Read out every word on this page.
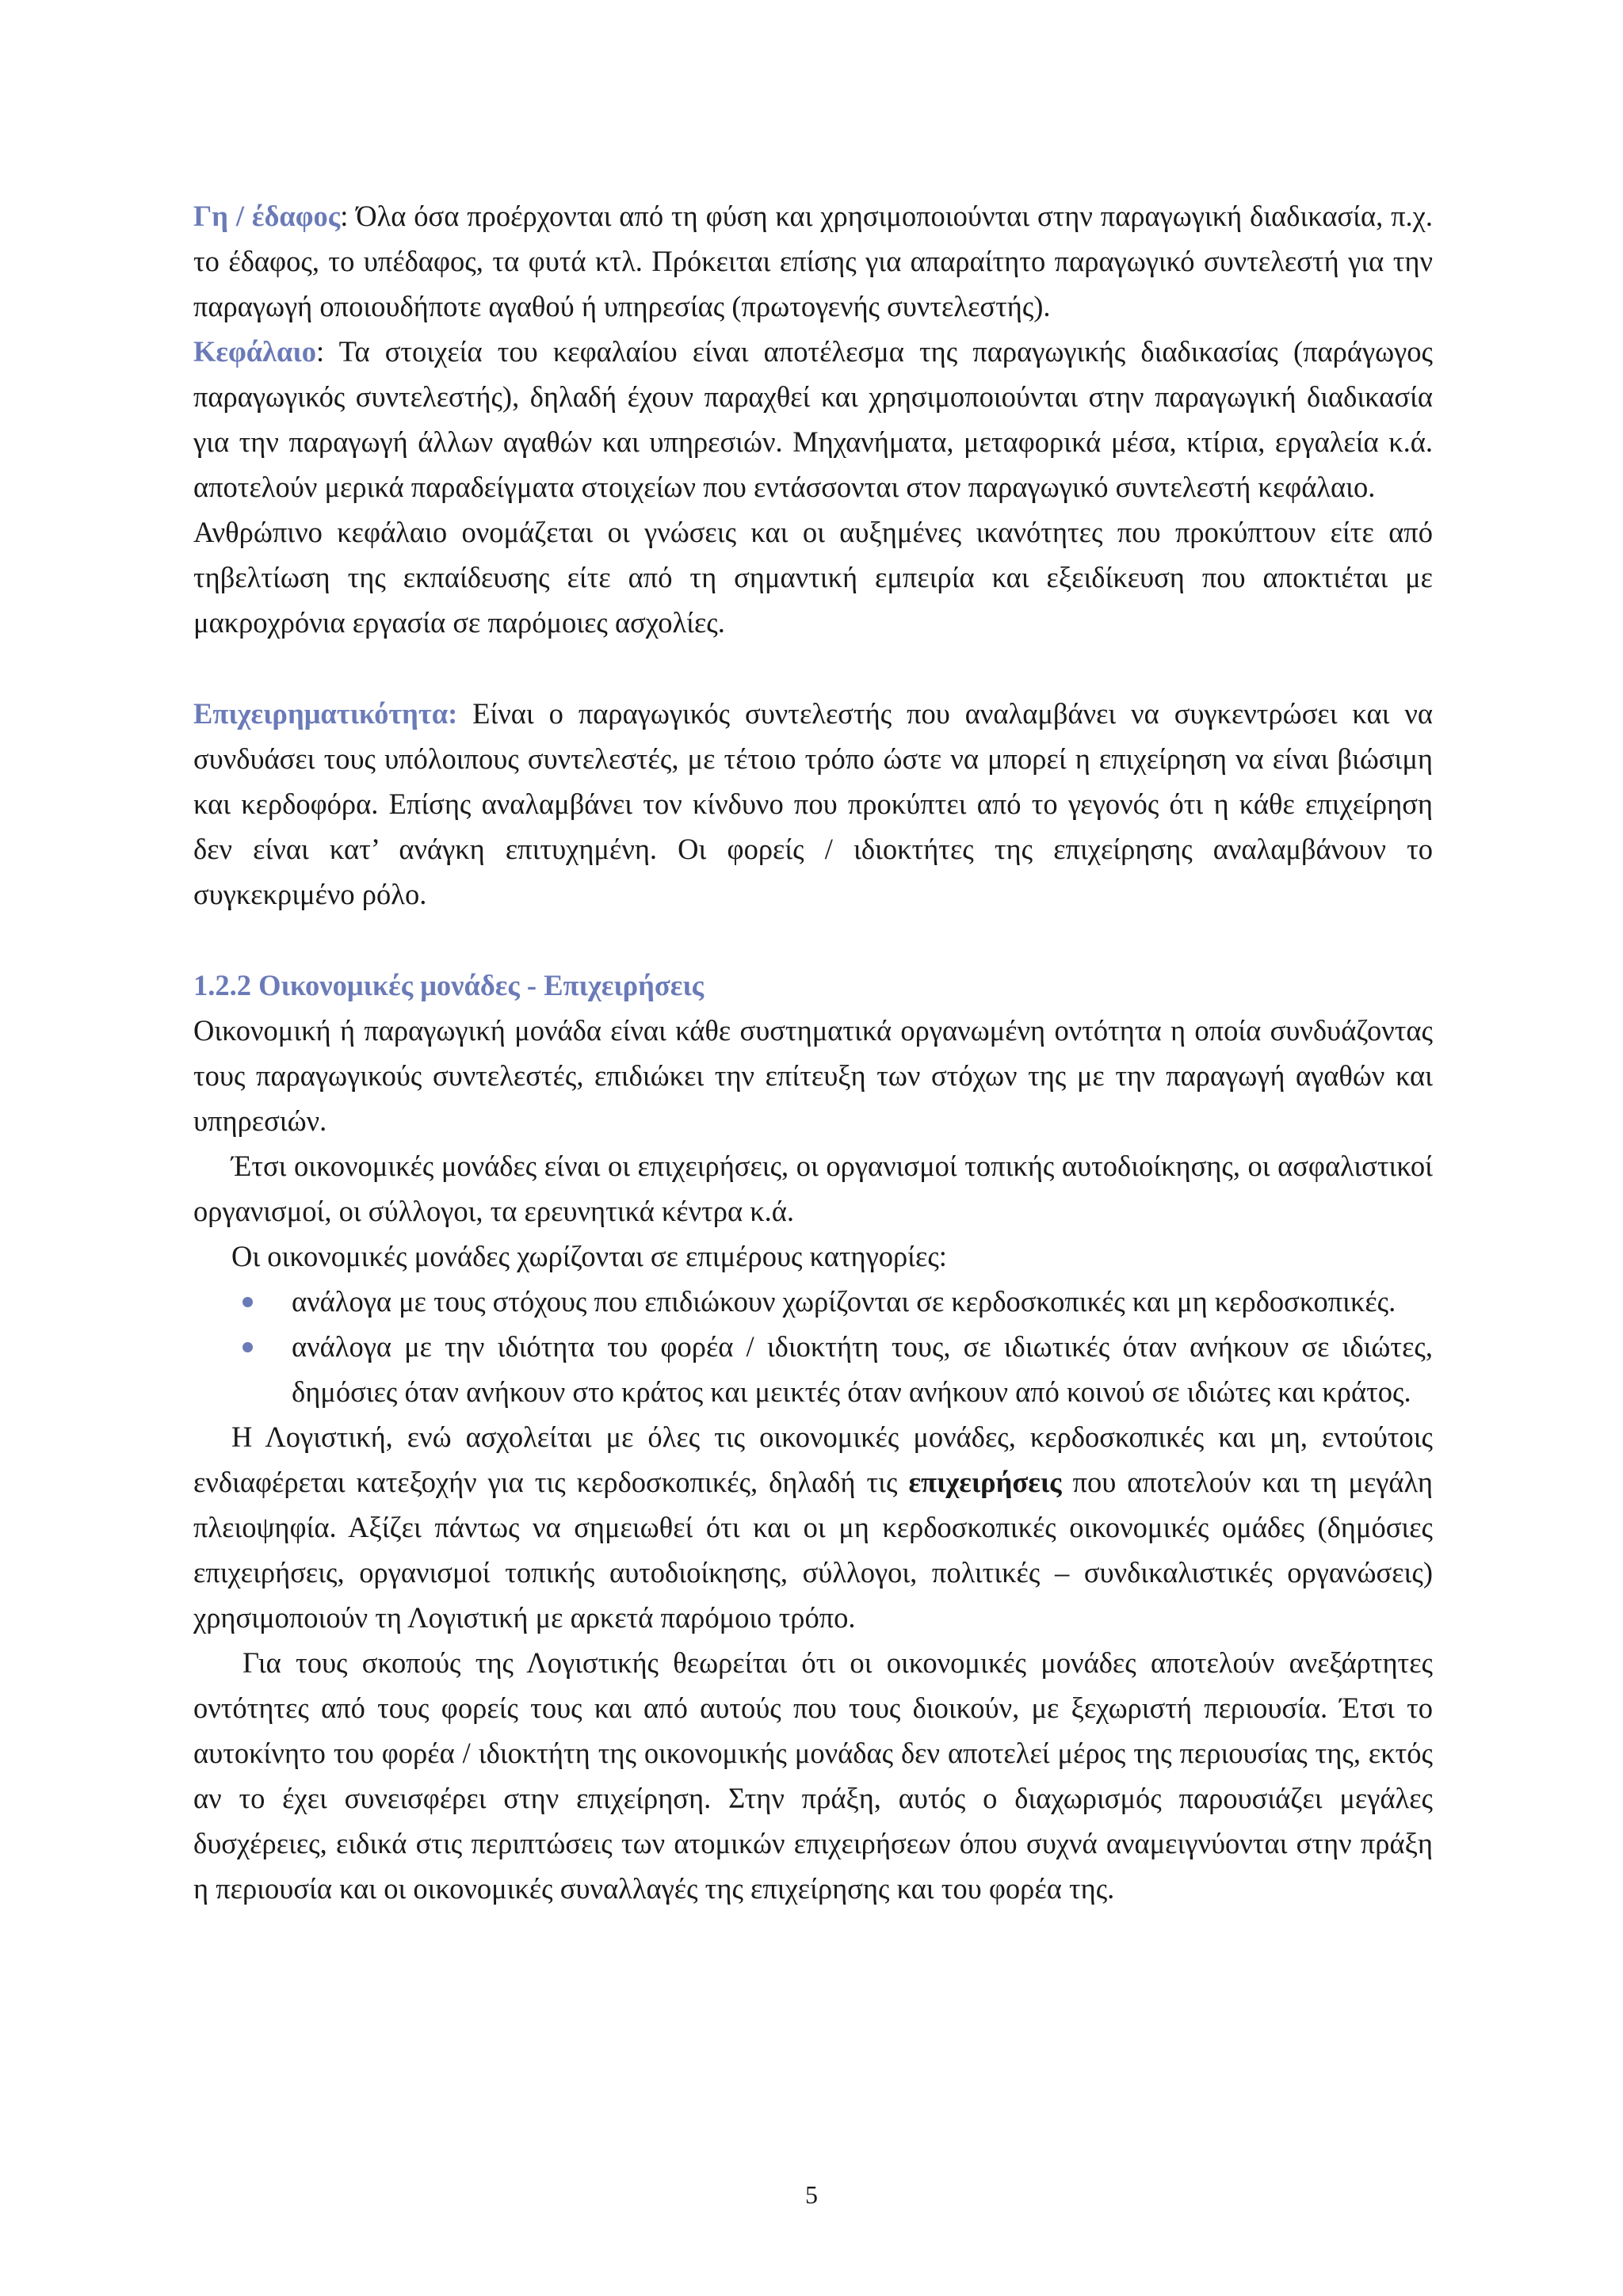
Γη / έδαφος: Όλα όσα προέρχονται από τη φύση και χρησιμοποιούνται στην παραγωγική διαδικασία, π.χ. το έδαφος, το υπέδαφος, τα φυτά κτλ. Πρόκειται επίσης για απαραίτητο παραγωγικό συντελεστή για την παραγωγή οποιουδήποτε αγαθού ή υπηρεσίας (πρωτογενής συντελεστής).

Κεφάλαιο: Τα στοιχεία του κεφαλαίου είναι αποτέλεσμα της παραγωγικής διαδικασίας (παράγωγος παραγωγικός συντελεστής), δηλαδή έχουν παραχθεί και χρησιμοποιούνται στην παραγωγική διαδικασία για την παραγωγή άλλων αγαθών και υπηρεσιών. Μηχανήματα, μεταφορικά μέσα, κτίρια, εργαλεία κ.ά. αποτελούν μερικά παραδείγματα στοιχείων που εντάσσονται στον παραγωγικό συντελεστή κεφάλαιο.

Ανθρώπινο κεφάλαιο ονομάζεται οι γνώσεις και οι αυξημένες ικανότητες που προκύπτουν είτε από τηβελτίωση της εκπαίδευσης είτε από τη σημαντική εμπειρία και εξειδίκευση που αποκτιέται με μακροχρόνια εργασία σε παρόμοιες ασχολίες.

Επιχειρηματικότητα: Είναι ο παραγωγικός συντελεστής που αναλαμβάνει να συγκεντρώσει και να συνδυάσει τους υπόλοιπους συντελεστές, με τέτοιο τρόπο ώστε να μπορεί η επιχείρηση να είναι βιώσιμη και κερδοφόρα. Επίσης αναλαμβάνει τον κίνδυνο που προκύπτει από το γεγονός ότι η κάθε επιχείρηση δεν είναι κατ’ ανάγκη επιτυχημένη. Οι φορείς / ιδιοκτήτες της επιχείρησης αναλαμβάνουν το συγκεκριμένο ρόλο.

1.2.2 Οικονομικές μονάδες - Επιχειρήσεις

Οικονομική ή παραγωγική μονάδα είναι κάθε συστηματικά οργανωμένη οντότητα η οποία συνδυάζοντας τους παραγωγικούς συντελεστές, επιδιώκει την επίτευξη των στόχων της με την παραγωγή αγαθών και υπηρεσιών.

Έτσι οικονομικές μονάδες είναι οι επιχειρήσεις, οι οργανισμοί τοπικής αυτοδιοίκησης, οι ασφαλιστικοί οργανισμοί, οι σύλλογοι, τα ερευνητικά κέντρα κ.ά.

Οι οικονομικές μονάδες χωρίζονται σε επιμέρους κατηγορίες:

ανάλογα με τους στόχους που επιδιώκουν χωρίζονται σε κερδοσκοπικές και μη κερδοσκοπικές.
ανάλογα με την ιδιότητα του φορέα / ιδιοκτήτη τους, σε ιδιωτικές όταν ανήκουν σε ιδιώτες, δημόσιες όταν ανήκουν στο κράτος και μεικτές όταν ανήκουν από κοινού σε ιδιώτες και κράτος.

Η Λογιστική, ενώ ασχολείται με όλες τις οικονομικές μονάδες, κερδοσκοπικές και μη, εντούτοις ενδιαφέρεται κατεξοχήν για τις κερδοσκοπικές, δηλαδή τις επιχειρήσεις που αποτελούν και τη μεγάλη πλειοψηφία. Αξίζει πάντως να σημειωθεί ότι και οι μη κερδοσκοπικές οικονομικές ομάδες (δημόσιες επιχειρήσεις, οργανισμοί τοπικής αυτοδιοίκησης, σύλλογοι, πολιτικές – συνδικαλιστικές οργανώσεις) χρησιμοποιούν τη Λογιστική με αρκετά παρόμοιο τρόπο.

Για τους σκοπούς της Λογιστικής θεωρείται ότι οι οικονομικές μονάδες αποτελούν ανεξάρτητες οντότητες από τους φορείς τους και από αυτούς που τους διοικούν, με ξεχωριστή περιουσία. Έτσι το αυτοκίνητο του φορέα / ιδιοκτήτη της οικονομικής μονάδας δεν αποτελεί μέρος της περιουσίας της, εκτός αν το έχει συνεισφέρει στην επιχείρηση. Στην πράξη, αυτός ο διαχωρισμός παρουσιάζει μεγάλες δυσχέρειες, ειδικά στις περιπτώσεις των ατομικών επιχειρήσεων όπου συχνά αναμειγνύονται στην πράξη η περιουσία και οι οικονομικές συναλλαγές της επιχείρησης και του φορέα της.

5
